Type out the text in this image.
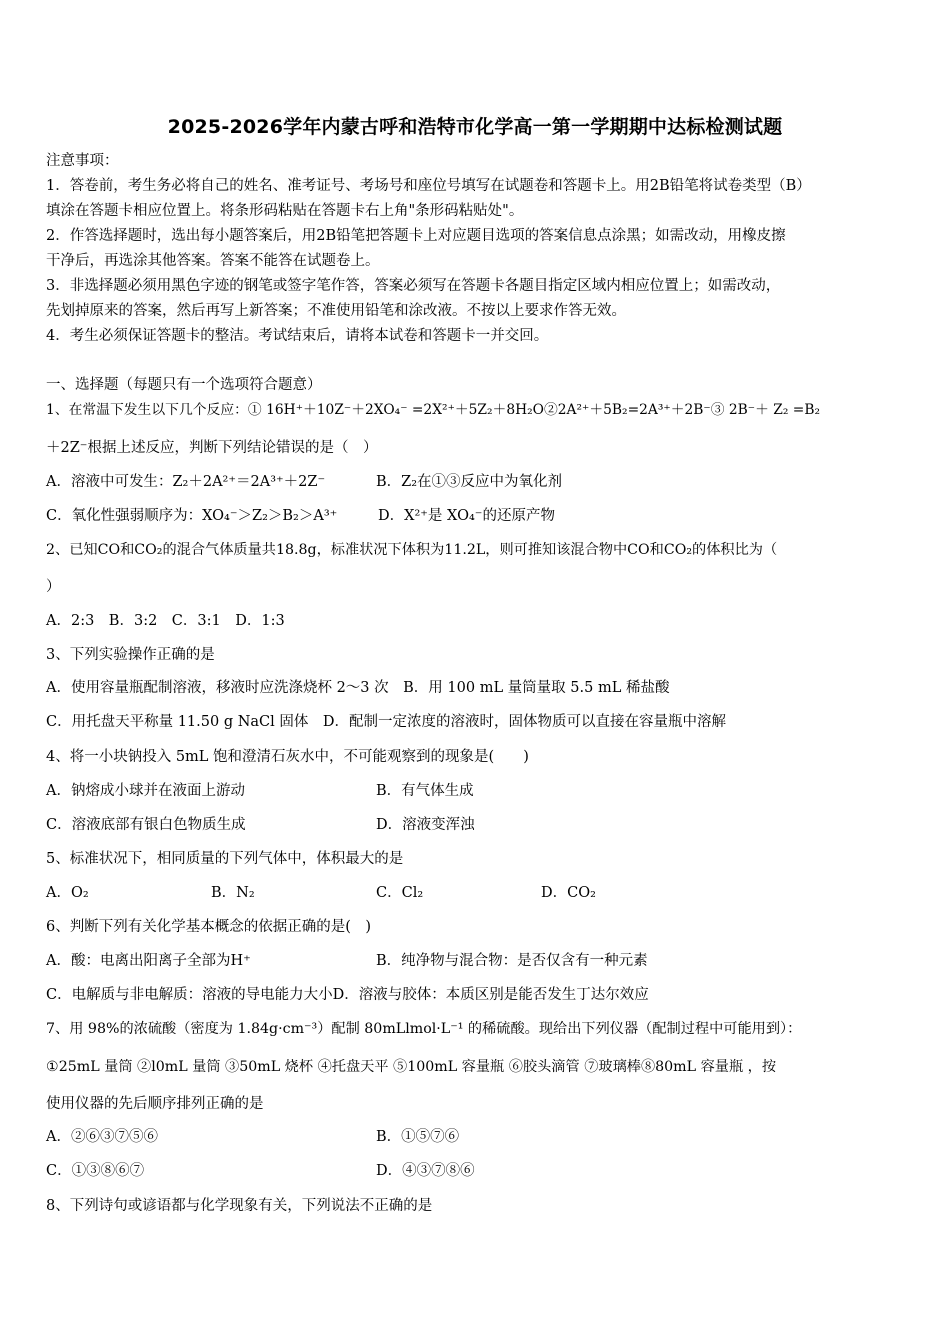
2025-2026学年内蒙古呼和浩特市化学高一第一学期期中达标检测试题
注意事项：
1．答卷前，考生务必将自己的姓名、准考证号、考场号和座位号填写在试题卷和答题卡上。用2B铅笔将试卷类型（B）
填涂在答题卡相应位置上。将条形码粘贴在答题卡右上角"条形码粘贴处"。
2．作答选择题时，选出每小题答案后，用2B铅笔把答题卡上对应题目选项的答案信息点涂黑；如需改动，用橡皮擦
干净后，再选涂其他答案。答案不能答在试题卷上。
3．非选择题必须用黑色字迹的钢笔或签字笔作答，答案必须写在答题卡各题目指定区域内相应位置上；如需改动，
先划掉原来的答案，然后再写上新答案；不准使用铅笔和涂改液。不按以上要求作答无效。
4．考生必须保证答题卡的整洁。考试结束后，请将本试卷和答题卡一并交回。
一、选择题（每题只有一个选项符合题意）
1、在常温下发生以下几个反应：① 16H⁺＋10Z⁻＋2XO₄⁻ =2X²⁺＋5Z₂＋8H₂O②2A²⁺＋5B₂=2A³⁺＋2B⁻③ 2B⁻＋ Z₂ =B₂
＋2Z⁻根据上述反应，判断下列结论错误的是（　）
A．溶液中可发生：Z₂＋2A²⁺＝2A³⁺＋2Z⁻	B．Z₂在①③反应中为氧化剂
C．氧化性强弱顺序为：XO₄⁻＞Z₂＞B₂＞A³⁺	D．X²⁺是 XO₄⁻的还原产物
2、已知CO和CO₂的混合气体质量共18.8g，标准状况下体积为11.2L，则可推知该混合物中CO和CO₂的体积比为（
）
A．2:3　B．3:2　C．3:1　D．1:3
3、下列实验操作正确的是
A．使用容量瓶配制溶液，移液时应洗涤烧杯 2～3 次　B．用 100 mL 量筒量取 5.5 mL 稀盐酸
C．用托盘天平称量 11.50 g NaCl 固体　D．配制一定浓度的溶液时，固体物质可以直接在容量瓶中溶解
4、将一小块钠投入 5mL 饱和澄清石灰水中，不可能观察到的现象是(　　)
A．钠熔成小球并在液面上游动	B．有气体生成
C．溶液底部有银白色物质生成	D．溶液变浑浊
5、标准状况下，相同质量的下列气体中，体积最大的是
A．O₂	B．N₂	C．Cl₂	D．CO₂
6、判断下列有关化学基本概念的依据正确的是(　)
A．酸：电离出阳离子全部为H⁺	B．纯净物与混合物：是否仅含有一种元素
C．电解质与非电解质：溶液的导电能力大小D．溶液与胶体：本质区别是能否发生丁达尔效应
7、用 98%的浓硫酸（密度为 1.84g·cm⁻³）配制 80mLlmol·L⁻¹ 的稀硫酸。现给出下列仪器（配制过程中可能用到）：
①25mL 量筒 ②l0mL 量筒 ③50mL 烧杯 ④托盘天平 ⑤100mL 容量瓶 ⑥胶头滴管 ⑦玻璃棒⑧80mL 容量瓶 ，按
使用仪器的先后顺序排列正确的是
A．②⑥③⑦⑤⑥	B．①⑤⑦⑥
C．①③⑧⑥⑦	D．④③⑦⑧⑥
8、下列诗句或谚语都与化学现象有关，下列说法不正确的是
